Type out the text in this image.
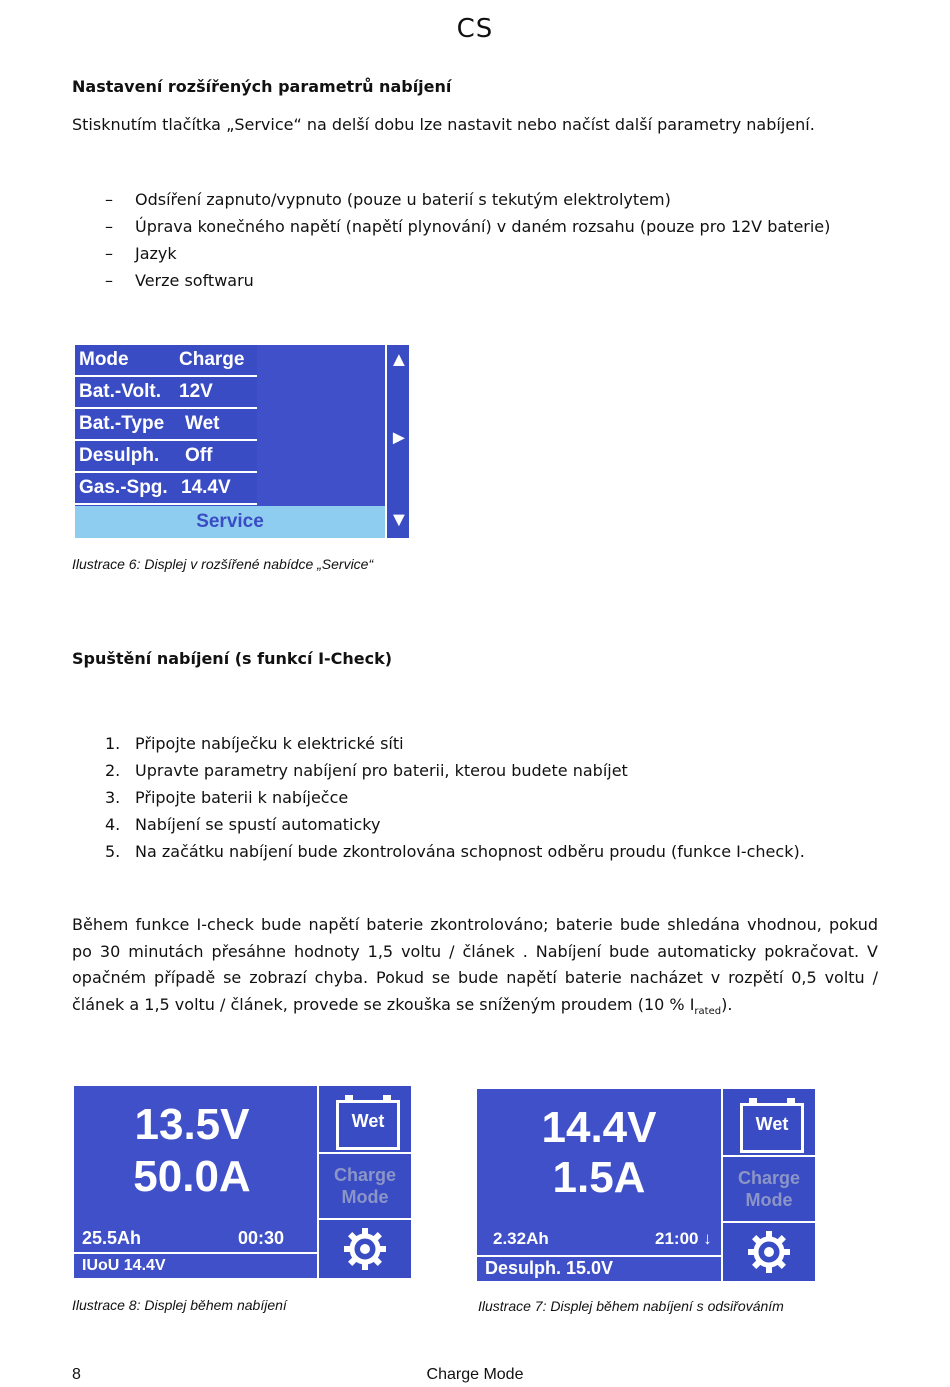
CS
Nastavení rozšířených parametrů nabíjení
Stisknutím tlačítka „Service“ na delší dobu lze nastavit nebo načíst další parametry nabíjení.
– Odsíření zapnuto/vypnuto (pouze u baterií s tekutým elektrolytem)
– Úprava konečného napětí (napětí plynování) v daném rozsahu (pouze pro 12V baterie)
– Jazyk
– Verze softwaru
Mode	Charge
Bat.-Volt. 12V
Bat.-Type Wet
Desulph. Off
Gas.-Spg. 14.4V
Service
▲
►
▼
Ilustrace 6: Displej v rozšířené nabídce „Service“
Spuštění nabíjení (s funkcí I-Check)
1. Připojte nabíječku k elektrické síti
2. Upravte parametry nabíjení pro baterii, kterou budete nabíjet
3. Připojte baterii k nabíječce
4. Nabíjení se spustí automaticky
5. Na začátku nabíjení bude zkontrolována schopnost odběru proudu (funkce I-check).
Během funkce I-check bude napětí baterie zkontrolováno; baterie bude shledána vhodnou, pokud po 30 minutách přesáhne hodnoty 1,5 voltu / článek . Nabíjení bude automaticky pokračovat. V opačném případě se zobrazí chyba. Pokud se bude napětí baterie nacházet v rozpětí 0,5 voltu / článek a 1,5 voltu / článek, provede se zkouška se sníženým proudem (10 % $I_{rated}$).
13.5V
50.0A
25.5Ah	00:30
IUoU 14.4V
Wet
Charge
Mode
14.4V
1.5A
2.32Ah	21:00 ↓
Desulph. 15.0V
Wet
Charge
Mode
Ilustrace 8: Displej během nabíjení	Ilustrace 7: Displej během nabíjení s odsiřováním
8	Charge Mode
